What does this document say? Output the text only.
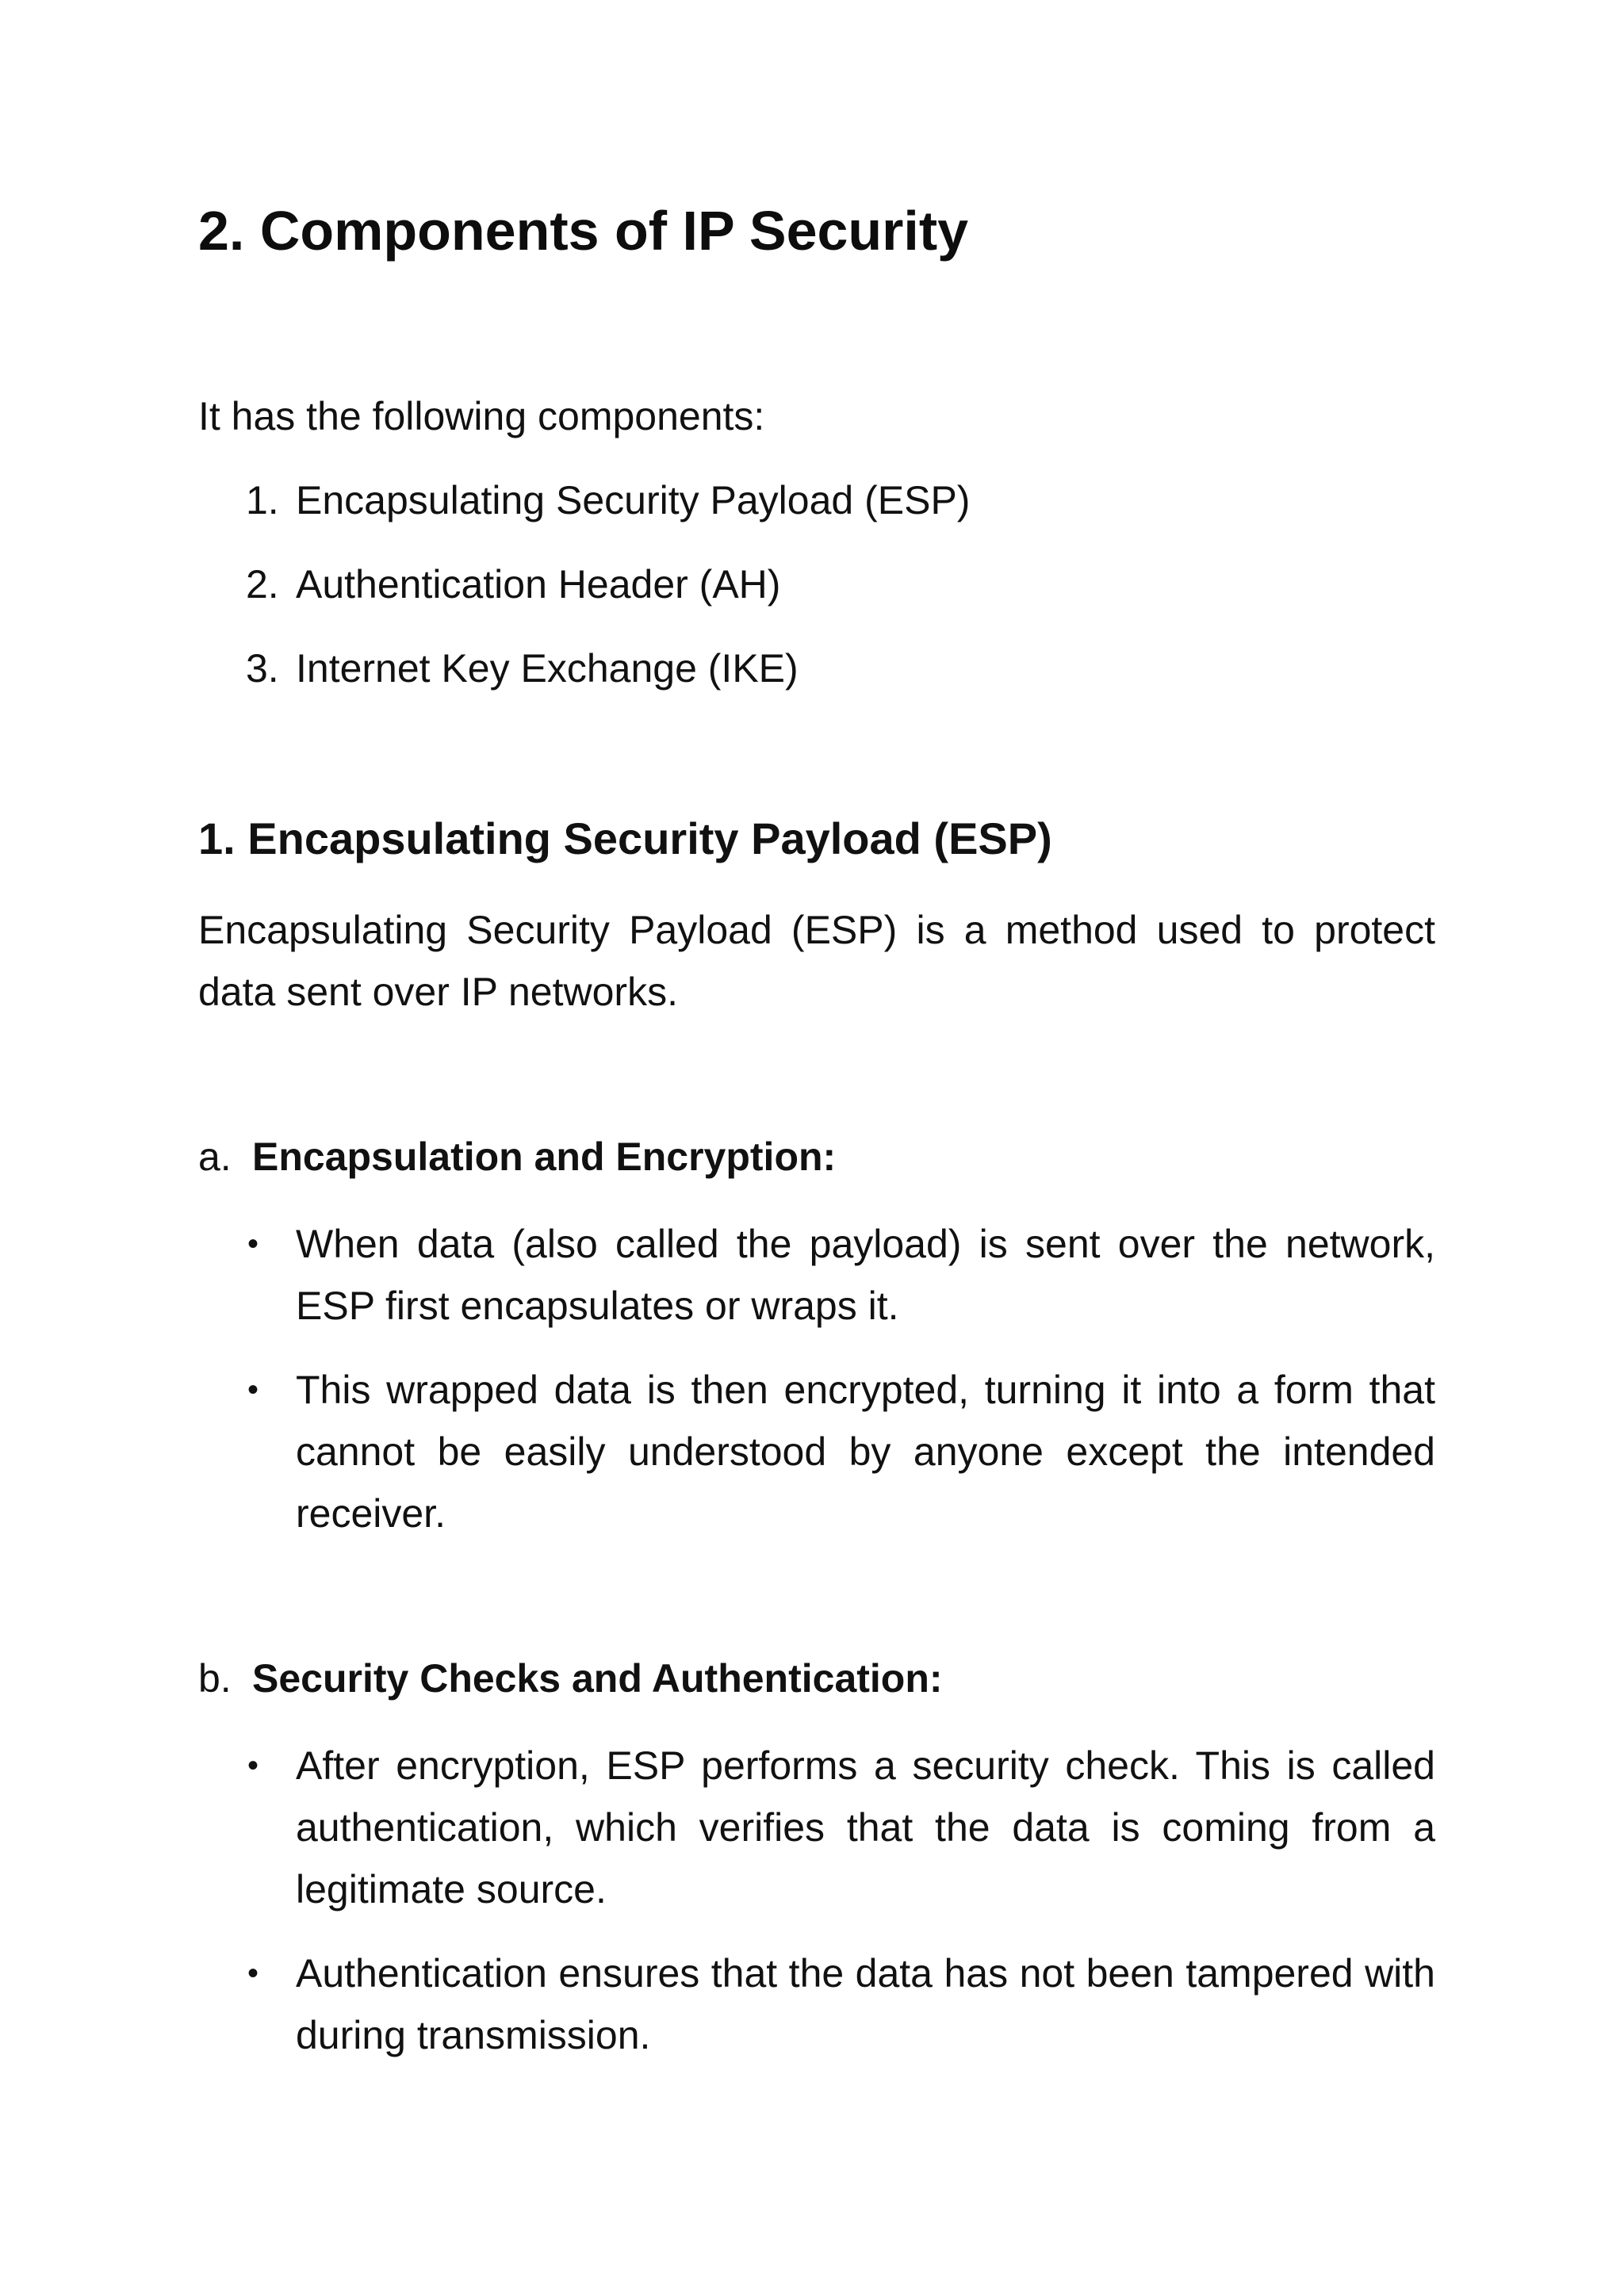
2. Components of IP Security

It has the following components:

1. Encapsulating Security Payload (ESP)
2. Authentication Header (AH)
3. Internet Key Exchange (IKE)
1. Encapsulating Security Payload (ESP)

Encapsulating Security Payload (ESP) is a method used to protect data sent over IP networks.

a. Encapsulation and Encryption:
• When data (also called the payload) is sent over the network, ESP first encapsulates or wraps it.
• This wrapped data is then encrypted, turning it into a form that cannot be easily understood by anyone except the intended receiver.
b. Security Checks and Authentication:
• After encryption, ESP performs a security check. This is called authentication, which verifies that the data is coming from a legitimate source.
• Authentication ensures that the data has not been tampered with during transmission.
